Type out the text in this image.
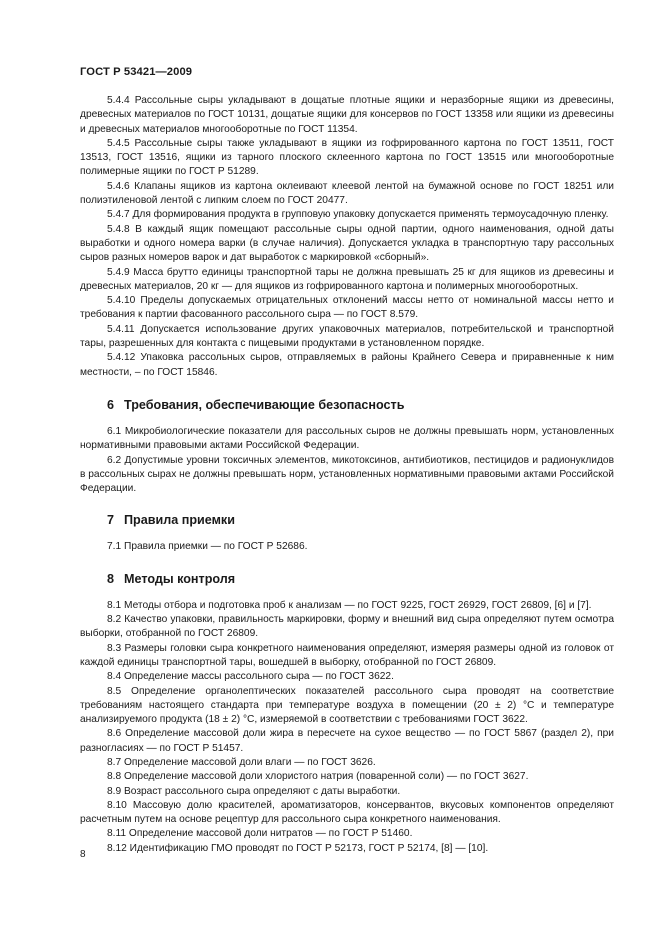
ГОСТ Р 53421—2009

5.4.4 Рассольные сыры укладывают в дощатые плотные ящики и неразборные ящики из древесины, древесных материалов по ГОСТ 10131, дощатые ящики для консервов по ГОСТ 13358 или ящики из древесины и древесных материалов многооборотные по ГОСТ 11354.

5.4.5 Рассольные сыры также укладывают в ящики из гофрированного картона по ГОСТ 13511, ГОСТ 13513, ГОСТ 13516, ящики из тарного плоского склеенного картона по ГОСТ 13515 или многооборотные полимерные ящики по ГОСТ Р 51289.

5.4.6 Клапаны ящиков из картона оклеивают клеевой лентой на бумажной основе по ГОСТ 18251 или полиэтиленовой лентой с липким слоем по ГОСТ 20477.

5.4.7 Для формирования продукта в групповую упаковку допускается применять термоусадочную пленку.

5.4.8 В каждый ящик помещают рассольные сыры одной партии, одного наименования, одной даты выработки и одного номера варки (в случае наличия). Допускается укладка в транспортную тару рассольных сыров разных номеров варок и дат выработок с маркировкой «сборный».

5.4.9 Масса брутто единицы транспортной тары не должна превышать 25 кг для ящиков из древесины и древесных материалов, 20 кг — для ящиков из гофрированного картона и полимерных многооборотных.

5.4.10 Пределы допускаемых отрицательных отклонений массы нетто от номинальной массы нетто и требования к партии фасованного рассольного сыра — по ГОСТ 8.579.

5.4.11 Допускается использование других упаковочных материалов, потребительской и транспортной тары, разрешенных для контакта с пищевыми продуктами в установленном порядке.

5.4.12 Упаковка рассольных сыров, отправляемых в районы Крайнего Севера и приравненные к ним местности, – по ГОСТ 15846.

6 Требования, обеспечивающие безопасность

6.1 Микробиологические показатели для рассольных сыров не должны превышать норм, установленных нормативными правовыми актами Российской Федерации.

6.2 Допустимые уровни токсичных элементов, микотоксинов, антибиотиков, пестицидов и радионуклидов в рассольных сырах не должны превышать норм, установленных нормативными правовыми актами Российской Федерации.

7 Правила приемки

7.1 Правила приемки — по ГОСТ Р 52686.

8 Методы контроля

8.1 Методы отбора и подготовка проб к анализам — по ГОСТ 9225, ГОСТ 26929, ГОСТ 26809, [6] и [7].

8.2 Качество упаковки, правильность маркировки, форму и внешний вид сыра определяют путем осмотра выборки, отобранной по ГОСТ 26809.

8.3 Размеры головки сыра конкретного наименования определяют, измеряя размеры одной из головок от каждой единицы транспортной тары, вошедшей в выборку, отобранной по ГОСТ 26809.

8.4 Определение массы рассольного сыра — по ГОСТ 3622.

8.5 Определение органолептических показателей рассольного сыра проводят на соответствие требованиям настоящего стандарта при температуре воздуха в помещении (20 ± 2) °С и температуре анализируемого продукта (18 ± 2) °С, измеряемой в соответствии с требованиями ГОСТ 3622.

8.6 Определение массовой доли жира в пересчете на сухое вещество — по ГОСТ 5867 (раздел 2), при разногласиях — по ГОСТ Р 51457.

8.7 Определение массовой доли влаги — по ГОСТ 3626.

8.8 Определение массовой доли хлористого натрия (поваренной соли) — по ГОСТ 3627.

8.9 Возраст рассольного сыра определяют с даты выработки.

8.10 Массовую долю красителей, ароматизаторов, консервантов, вкусовых компонентов определяют расчетным путем на основе рецептур для рассольного сыра конкретного наименования.

8.11 Определение массовой доли нитратов — по ГОСТ Р 51460.

8.12 Идентификацию ГМО проводят по ГОСТ Р 52173, ГОСТ Р 52174, [8] — [10].

8
